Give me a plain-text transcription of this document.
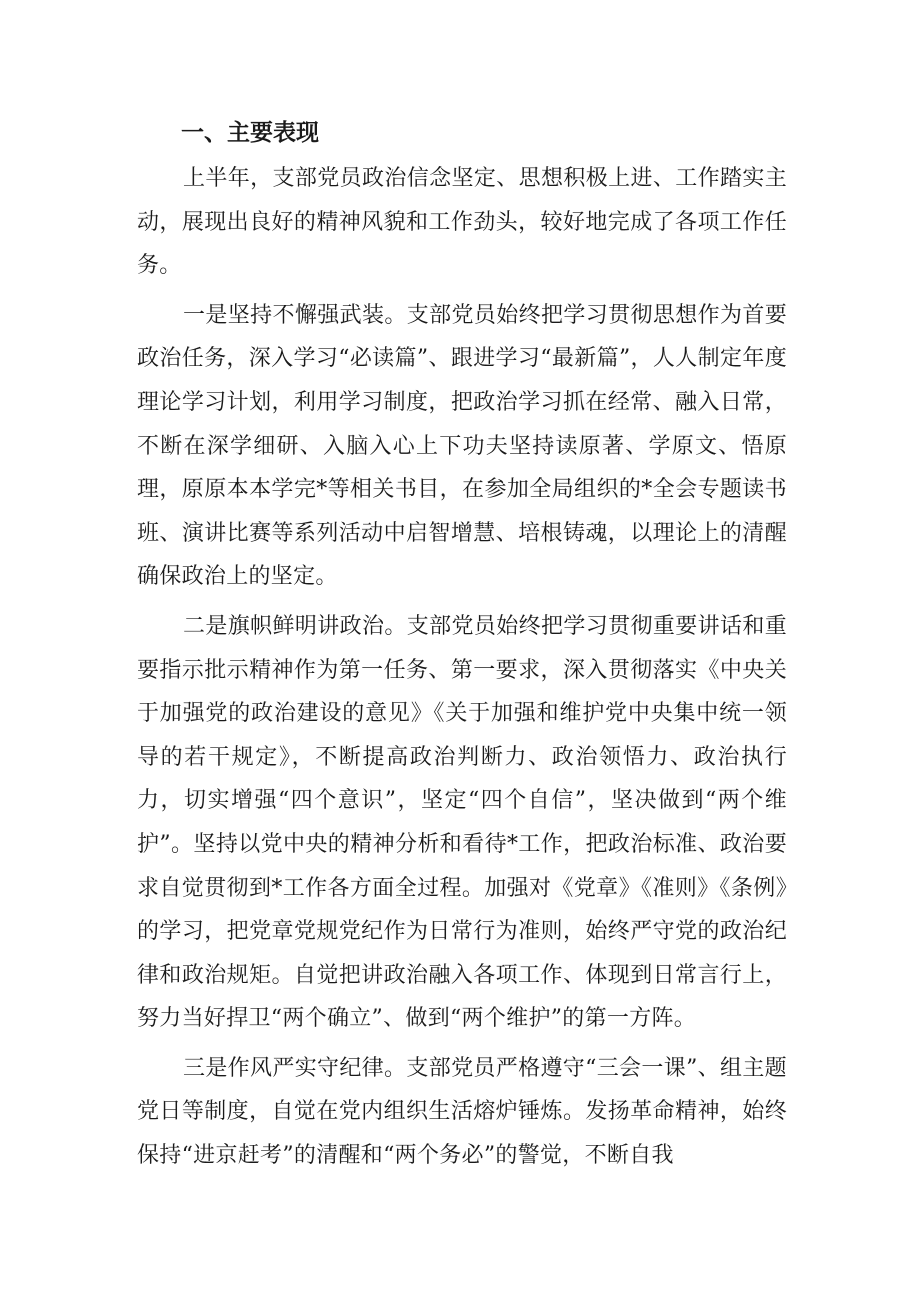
一、主要表现

上半年，支部党员政治信念坚定、思想积极上进、工作踏实主动，展现出良好的精神风貌和工作劲头，较好地完成了各项工作任务。

一是坚持不懈强武装。支部党员始终把学习贯彻思想作为首要政治任务，深入学习“必读篇”、跟进学习“最新篇”，人人制定年度理论学习计划，利用学习制度，把政治学习抓在经常、融入日常，不断在深学细研、入脑入心上下功夫坚持读原著、学原文、悟原理，原原本本学完*等相关书目，在参加全局组织的*全会专题读书班、演讲比赛等系列活动中启智增慧、培根铸魂，以理论上的清醒确保政治上的坚定。

二是旗帜鲜明讲政治。支部党员始终把学习贯彻重要讲话和重要指示批示精神作为第一任务、第一要求，深入贯彻落实《中央关于加强党的政治建设的意见》《关于加强和维护党中央集中统一领导的若干规定》，不断提高政治判断力、政治领悟力、政治执行力，切实增强“四个意识”，坚定“四个自信”，坚决做到“两个维护”。坚持以党中央的精神分析和看待*工作，把政治标准、政治要求自觉贯彻到*工作各方面全过程。加强对《党章》《准则》《条例》的学习，把党章党规党纪作为日常行为准则，始终严守党的政治纪律和政治规矩。自觉把讲政治融入各项工作、体现到日常言行上，努力当好捍卫“两个确立”、做到“两个维护”的第一方阵。

三是作风严实守纪律。支部党员严格遵守“三会一课”、组主题党日等制度，自觉在党内组织生活熔炉锤炼。发扬革命精神，始终保持“进京赶考”的清醒和“两个务必”的警觉，不断自我
